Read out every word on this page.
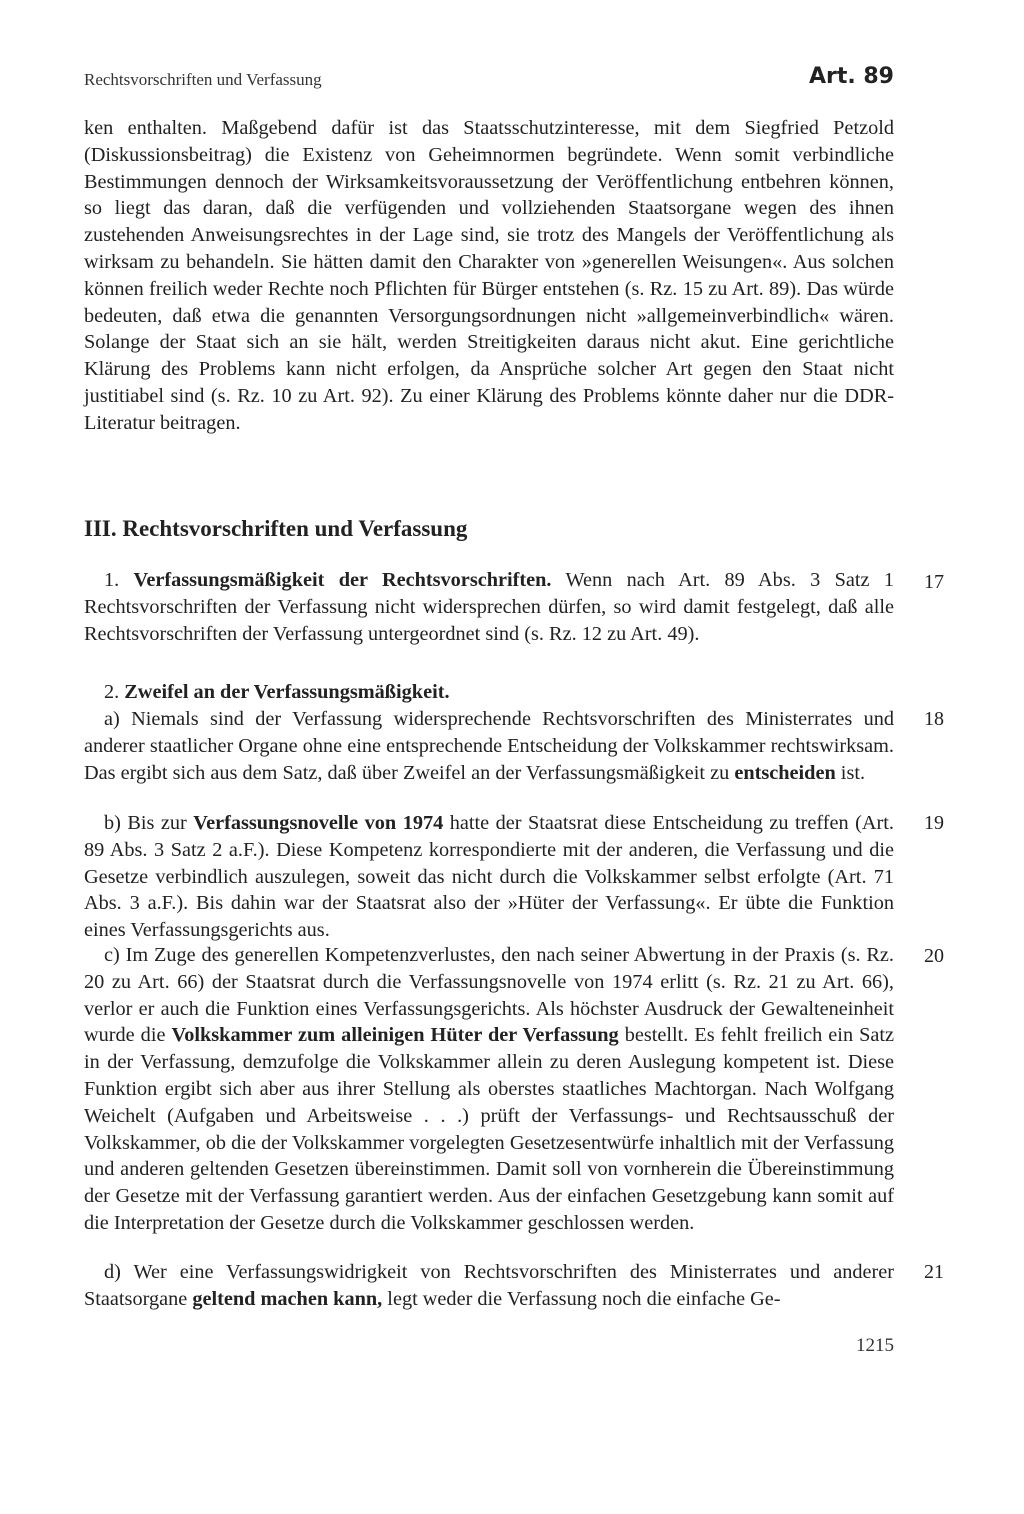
Rechtsvorschriften und Verfassung	Art. 89

ken enthalten. Maßgebend dafür ist das Staatsschutzinteresse, mit dem Siegfried Petzold (Diskussionsbeitrag) die Existenz von Geheimnormen begründete. Wenn somit verbindliche Bestimmungen dennoch der Wirksamkeitsvoraussetzung der Veröffentlichung entbehren können, so liegt das daran, daß die verfügenden und vollziehenden Staatsorgane wegen des ihnen zustehenden Anweisungsrechtes in der Lage sind, sie trotz des Mangels der Veröffentlichung als wirksam zu behandeln. Sie hätten damit den Charakter von »generellen Weisungen«. Aus solchen können freilich weder Rechte noch Pflichten für Bürger entstehen (s. Rz. 15 zu Art. 89). Das würde bedeuten, daß etwa die genannten Versorgungsordnungen nicht »allgemeinverbindlich« wären. Solange der Staat sich an sie hält, werden Streitigkeiten daraus nicht akut. Eine gerichtliche Klärung des Problems kann nicht erfolgen, da Ansprüche solcher Art gegen den Staat nicht justitiabel sind (s. Rz. 10 zu Art. 92). Zu einer Klärung des Problems könnte daher nur die DDR-Literatur beitragen.

III. Rechtsvorschriften und Verfassung

1. Verfassungsmäßigkeit der Rechtsvorschriften. Wenn nach Art. 89 Abs. 3 Satz 1 Rechtsvorschriften der Verfassung nicht widersprechen dürfen, so wird damit festgelegt, daß alle Rechtsvorschriften der Verfassung untergeordnet sind (s. Rz. 12 zu Art. 49).

17

2. Zweifel an der Verfassungsmäßigkeit.

a) Niemals sind der Verfassung widersprechende Rechtsvorschriften des Ministerrates und anderer staatlicher Organe ohne eine entsprechende Entscheidung der Volkskammer rechtswirksam. Das ergibt sich aus dem Satz, daß über Zweifel an der Verfassungsmäßigkeit zu entscheiden ist.

18

b) Bis zur Verfassungsnovelle von 1974 hatte der Staatsrat diese Entscheidung zu treffen (Art. 89 Abs. 3 Satz 2 a.F.). Diese Kompetenz korrespondierte mit der anderen, die Verfassung und die Gesetze verbindlich auszulegen, soweit das nicht durch die Volkskammer selbst erfolgte (Art. 71 Abs. 3 a.F.). Bis dahin war der Staatsrat also der »Hüter der Verfassung«. Er übte die Funktion eines Verfassungsgerichts aus.

19

c) Im Zuge des generellen Kompetenzverlustes, den nach seiner Abwertung in der Praxis (s. Rz. 20 zu Art. 66) der Staatsrat durch die Verfassungsnovelle von 1974 erlitt (s. Rz. 21 zu Art. 66), verlor er auch die Funktion eines Verfassungsgerichts. Als höchster Ausdruck der Gewalteneinheit wurde die Volkskammer zum alleinigen Hüter der Verfassung bestellt. Es fehlt freilich ein Satz in der Verfassung, demzufolge die Volkskammer allein zu deren Auslegung kompetent ist. Diese Funktion ergibt sich aber aus ihrer Stellung als oberstes staatliches Machtorgan. Nach Wolfgang Weichelt (Aufgaben und Arbeitsweise . . .) prüft der Verfassungs- und Rechtsausschuß der Volkskammer, ob die der Volkskammer vorgelegten Gesetzesentwürfe inhaltlich mit der Verfassung und anderen geltenden Gesetzen übereinstimmen. Damit soll von vornherein die Übereinstimmung der Gesetze mit der Verfassung garantiert werden. Aus der einfachen Gesetzgebung kann somit auf die Interpretation der Gesetze durch die Volkskammer geschlossen werden.

20

d) Wer eine Verfassungswidrigkeit von Rechtsvorschriften des Ministerrates und anderer Staatsorgane geltend machen kann, legt weder die Verfassung noch die einfache Ge-

21
1215
